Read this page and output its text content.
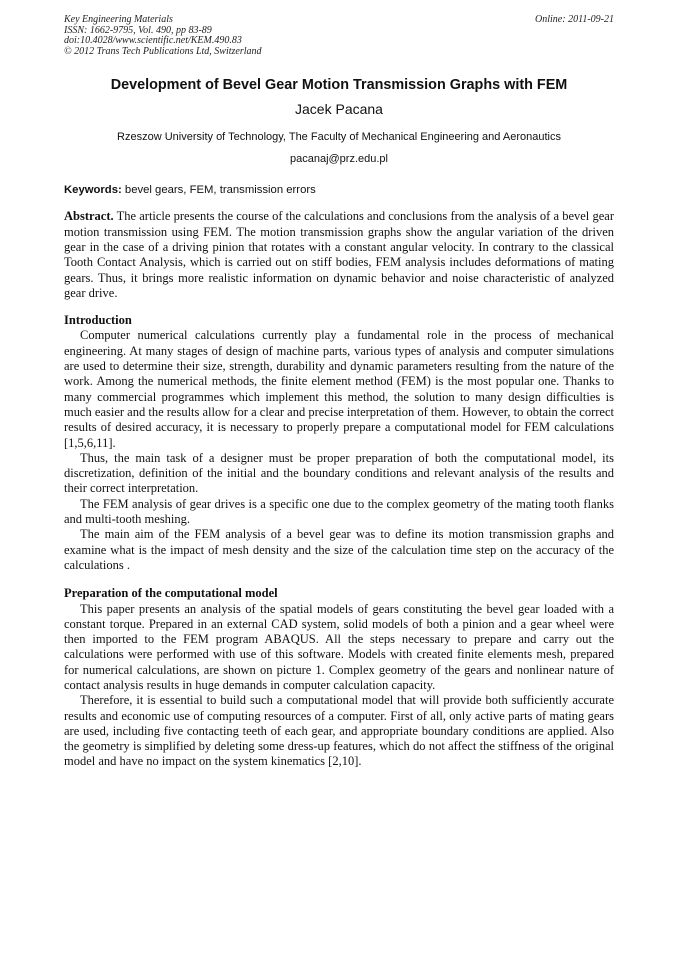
Key Engineering Materials
ISSN: 1662-9795, Vol. 490, pp 83-89
doi:10.4028/www.scientific.net/KEM.490.83
© 2012 Trans Tech Publications Ltd, Switzerland
Online: 2011-09-21
Development of Bevel Gear Motion Transmission Graphs with FEM
Jacek Pacana
Rzeszow University of Technology, The Faculty of Mechanical Engineering and Aeronautics
pacanaj@prz.edu.pl
Keywords: bevel gears, FEM, transmission errors
Abstract. The article presents the course of the calculations and conclusions from the analysis of a bevel gear motion transmission using FEM. The motion transmission graphs show the angular variation of the driven gear in the case of a driving pinion that rotates with a constant angular velocity. In contrary to the classical Tooth Contact Analysis, which is carried out on stiff bodies, FEM analysis includes deformations of mating gears. Thus, it brings more realistic information on dynamic behavior and noise characteristic of analyzed gear drive.
Introduction

Computer numerical calculations currently play a fundamental role in the process of mechanical engineering. At many stages of design of machine parts, various types of analysis and computer simulations are used to determine their size, strength, durability and dynamic parameters resulting from the nature of the work. Among the numerical methods, the finite element method (FEM) is the most popular one. Thanks to many commercial programmes which implement this method, the solution to many design difficulties is much easier and the results allow for a clear and precise interpretation of them. However, to obtain the correct results of desired accuracy, it is necessary to properly prepare a computational model for FEM calculations [1,5,6,11].

Thus, the main task of a designer must be proper preparation of both the computational model, its discretization, definition of the initial and the boundary conditions and relevant analysis of the results and their correct interpretation.

The FEM analysis of gear drives is a specific one due to the complex geometry of the mating tooth flanks and multi-tooth meshing.

The main aim of the FEM analysis of a bevel gear was to define its motion transmission graphs and examine what is the impact of mesh density and the size of the calculation time step on the accuracy of the calculations .

Preparation of the computational model

This paper presents an analysis of the spatial models of gears constituting the bevel gear loaded with a constant torque. Prepared in an external CAD system, solid models of both a pinion and a gear wheel were then imported to the FEM program ABAQUS. All the steps necessary to prepare and carry out the calculations were performed with use of this software. Models with created finite elements mesh, prepared for numerical calculations, are shown on picture 1. Complex geometry of the gears and nonlinear nature of contact analysis results in huge demands in computer calculation capacity.

Therefore, it is essential to build such a computational model that will provide both sufficiently accurate results and economic use of computing resources of a computer. First of all, only active parts of mating gears are used, including five contacting teeth of each gear, and appropriate boundary conditions are applied. Also the geometry is simplified by deleting some dress-up features, which do not affect the stiffness of the original model and have no impact on the system kinematics [2,10].
